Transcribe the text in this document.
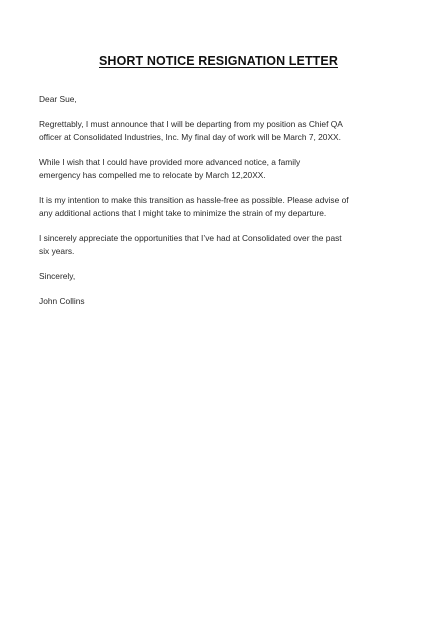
SHORT NOTICE RESIGNATION LETTER

Dear Sue,

Regrettably, I must announce that I will be departing from my position as Chief QA
officer at Consolidated Industries, Inc. My final day of work will be March 7, 20XX.

While I wish that I could have provided more advanced notice, a family
emergency has compelled me to relocate by March 12,20XX.

It is my intention to make this transition as hassle-free as possible. Please advise of
any additional actions that I might take to minimize the strain of my departure.

I sincerely appreciate the opportunities that I’ve had at Consolidated over the past
six years.

Sincerely,

John Collins
